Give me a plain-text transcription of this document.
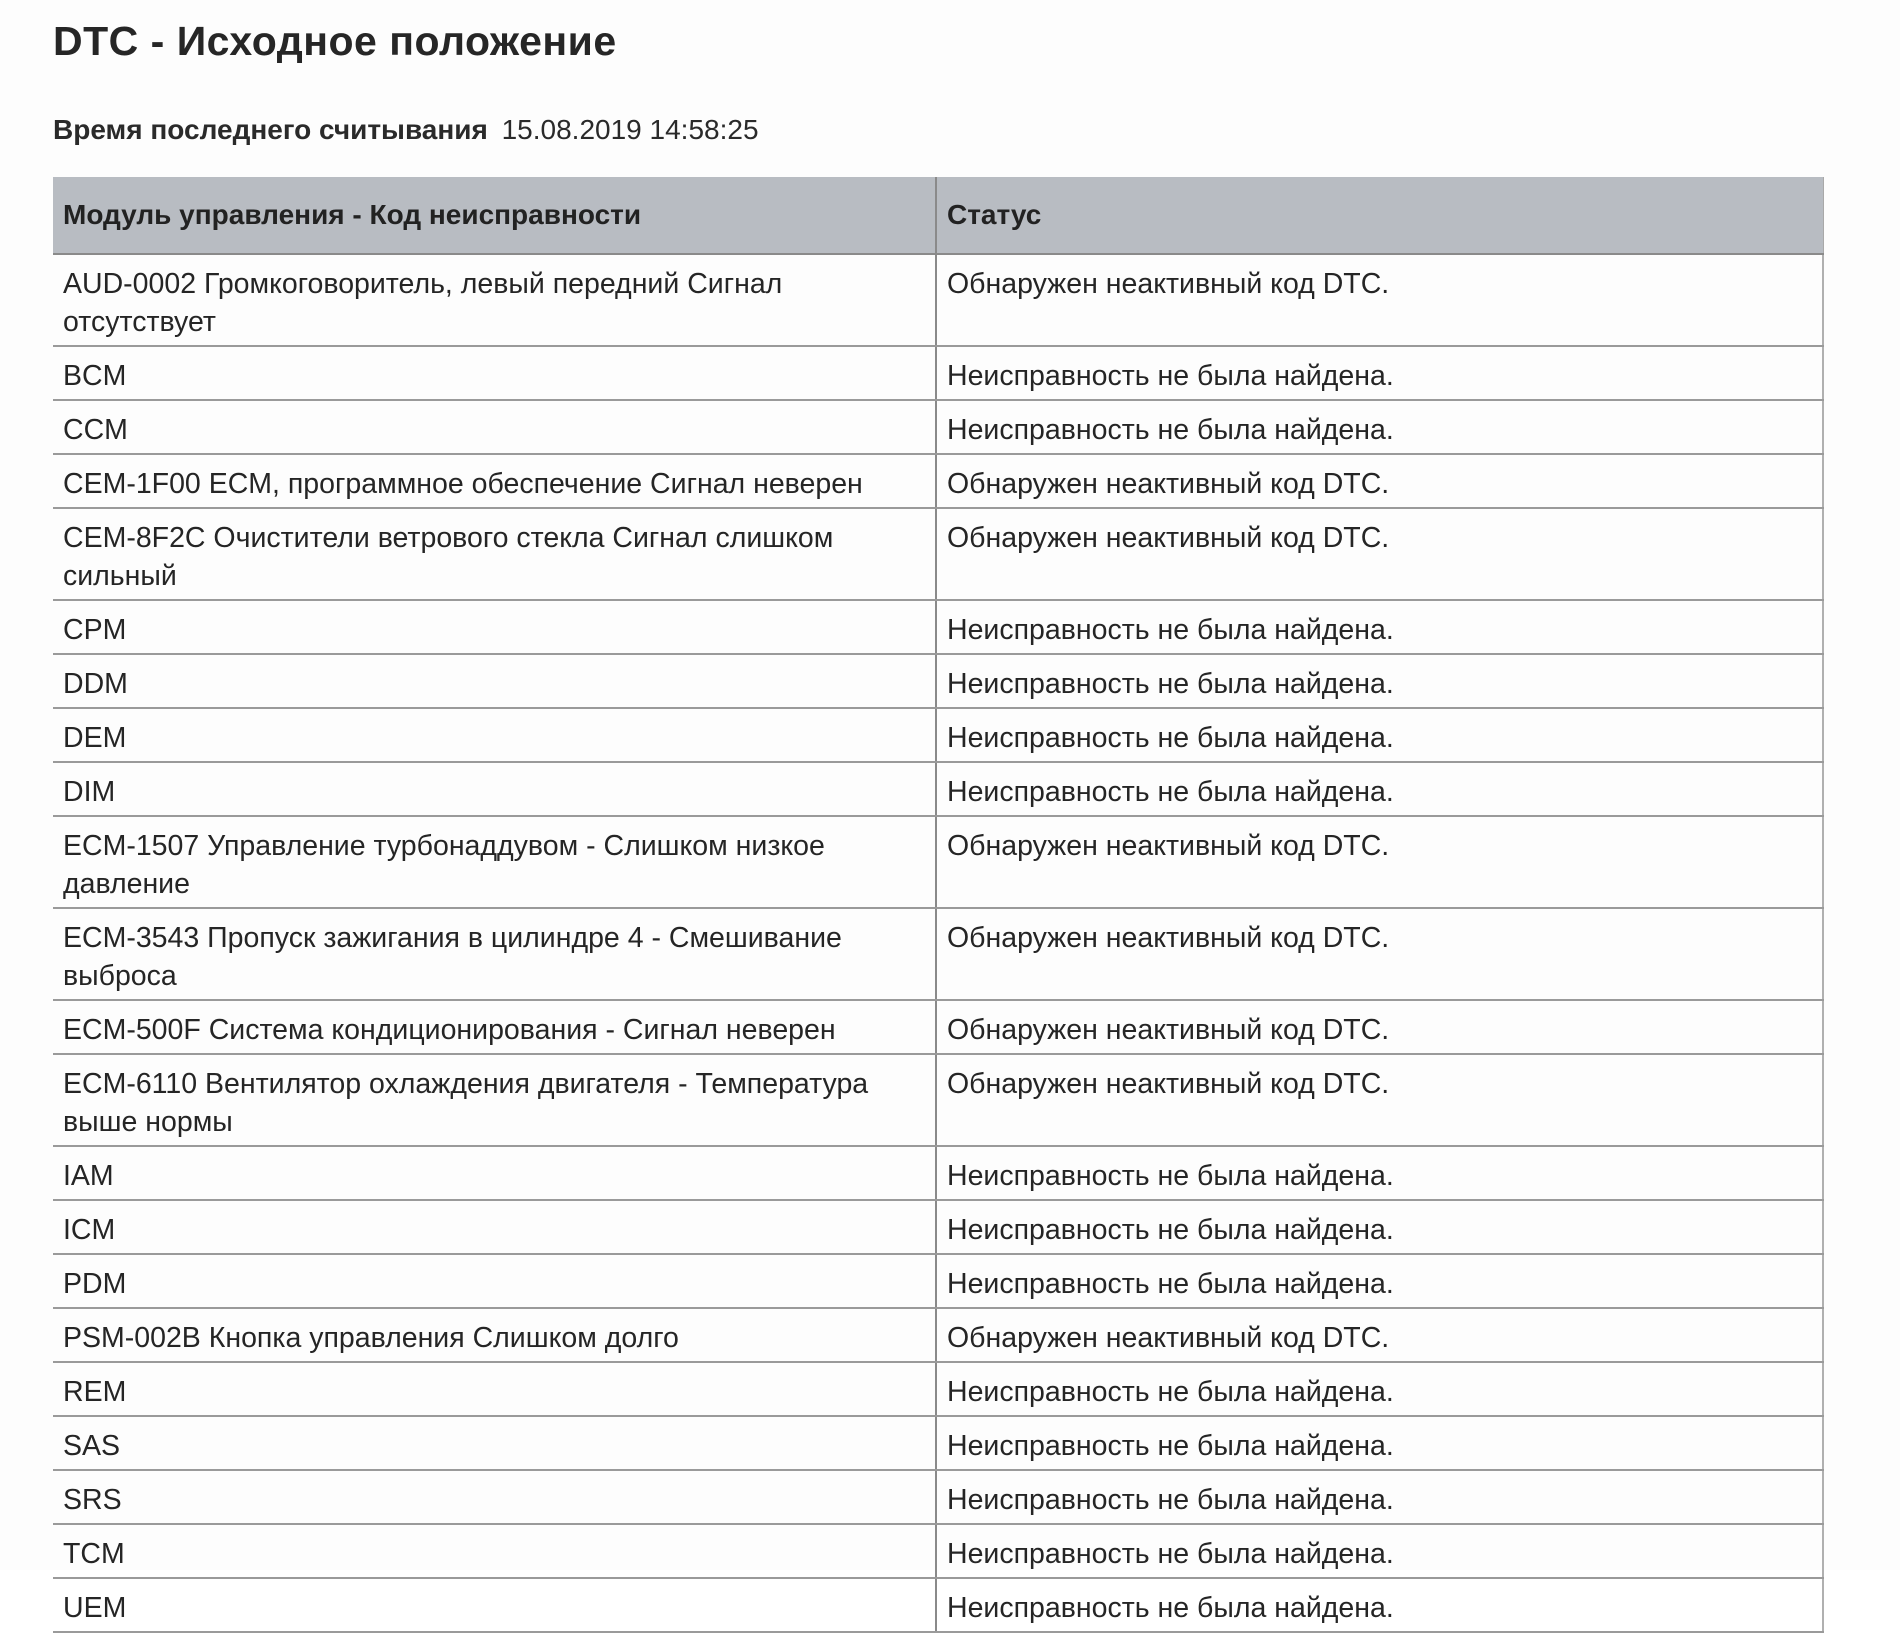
DTC - Исходное положение
Время последнего считывания 15.08.2019 14:58:25
Модуль управления - Код неисправности	Статус
AUD-0002 Громкоговоритель, левый передний Сигнал отсутствует	Обнаружен неактивный код DTC.
BCM	Неисправность не была найдена.
CCM	Неисправность не была найдена.
CEM-1F00 ECM, программное обеспечение Сигнал неверен	Обнаружен неактивный код DTC.
CEM-8F2C Очистители ветрового стекла Сигнал слишком сильный	Обнаружен неактивный код DTC.
CPM	Неисправность не была найдена.
DDM	Неисправность не была найдена.
DEM	Неисправность не была найдена.
DIM	Неисправность не была найдена.
ECM-1507 Управление турбонаддувом - Слишком низкое давление	Обнаружен неактивный код DTC.
ECM-3543 Пропуск зажигания в цилиндре 4 - Смешивание выброса	Обнаружен неактивный код DTC.
ECM-500F Система кондиционирования - Сигнал неверен	Обнаружен неактивный код DTC.
ECM-6110 Вентилятор охлаждения двигателя - Температура выше нормы	Обнаружен неактивный код DTC.
IAM	Неисправность не была найдена.
ICM	Неисправность не была найдена.
PDM	Неисправность не была найдена.
PSM-002B Кнопка управления Слишком долго	Обнаружен неактивный код DTC.
REM	Неисправность не была найдена.
SAS	Неисправность не была найдена.
SRS	Неисправность не была найдена.
TCM	Неисправность не была найдена.
UEM	Неисправность не была найдена.
